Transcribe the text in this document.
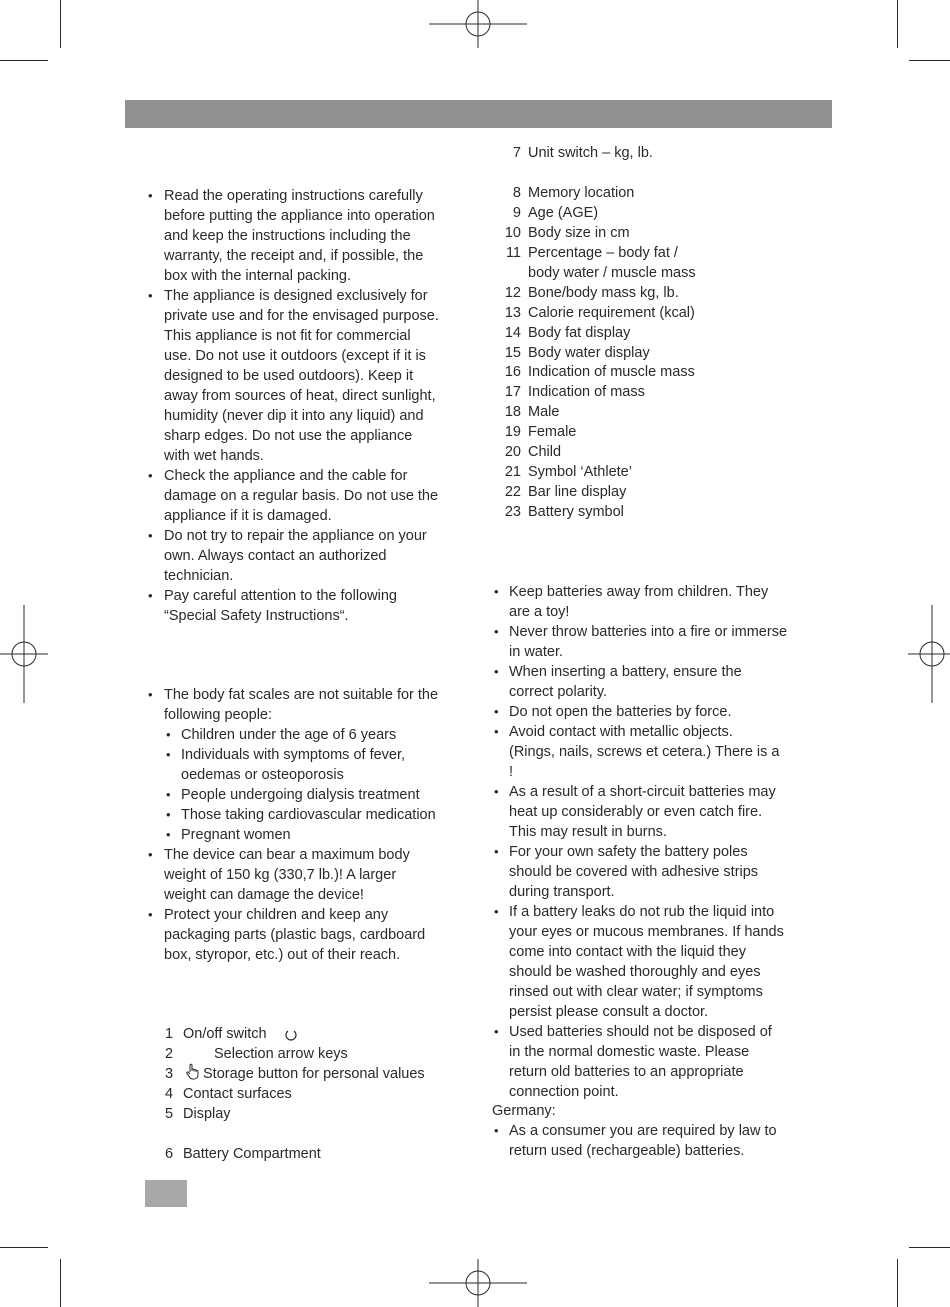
• Read the operating instructions carefully
before putting the appliance into operation
and keep the instructions including the
warranty, the receipt and, if possible, the
box with the internal packing.
• The appliance is designed exclusively for
private use and for the envisaged purpose.
This appliance is not fit for commercial
use. Do not use it outdoors (except if it is
designed to be used outdoors). Keep it
away from sources of heat, direct sunlight,
humidity (never dip it into any liquid) and
sharp edges. Do not use the appliance
with wet hands.
• Check the appliance and the cable for
damage on a regular basis. Do not use the
appliance if it is damaged.
• Do not try to repair the appliance on your
own. Always contact an authorized
technician.
• Pay careful attention to the following
“Special Safety Instructions“.
• The body fat scales are not suitable for the
following people:
• Children under the age of 6 years
• Individuals with symptoms of fever,
oedemas or osteoporosis
• People undergoing dialysis treatment
• Those taking cardiovascular medication
• Pregnant women
• The device can bear a maximum body
weight of 150 kg (330,7 lb.)! A larger
weight can damage the device!
• Protect your children and keep any
packaging parts (plastic bags, cardboard
box, styropor, etc.) out of their reach.
1 On/off switch
2	Selection arrow keys
3 Storage button for personal values
4 Contact surfaces
5 Display
6 Battery Compartment
7 Unit switch – kg, lb.
8 Memory location
9 Age (AGE)
10 Body size in cm
11 Percentage – body fat /
body water / muscle mass
12 Bone/body mass kg, lb.
13 Calorie requirement (kcal)
14 Body fat display
15 Body water display
16 Indication of muscle mass
17 Indication of mass
18 Male
19 Female
20 Child
21 Symbol ‘Athlete’
22 Bar line display
23 Battery symbol
• Keep batteries away from children. They
are a toy!
• Never throw batteries into a fire or immerse
in water.
• When inserting a battery, ensure the
correct polarity.
• Do not open the batteries by force.
• Avoid contact with metallic objects.
(Rings, nails, screws et cetera.) There is a
!
• As a result of a short-circuit batteries may
heat up considerably or even catch fire.
This may result in burns.
• For your own safety the battery poles
should be covered with adhesive strips
during transport.
• If a battery leaks do not rub the liquid into
your eyes or mucous membranes. If hands
come into contact with the liquid they
should be washed thoroughly and eyes
rinsed out with clear water; if symptoms
persist please consult a doctor.
• Used batteries should not be disposed of
in the normal domestic waste. Please
return old batteries to an appropriate
connection point.
Germany:
• As a consumer you are required by law to
return used (rechargeable) batteries.
